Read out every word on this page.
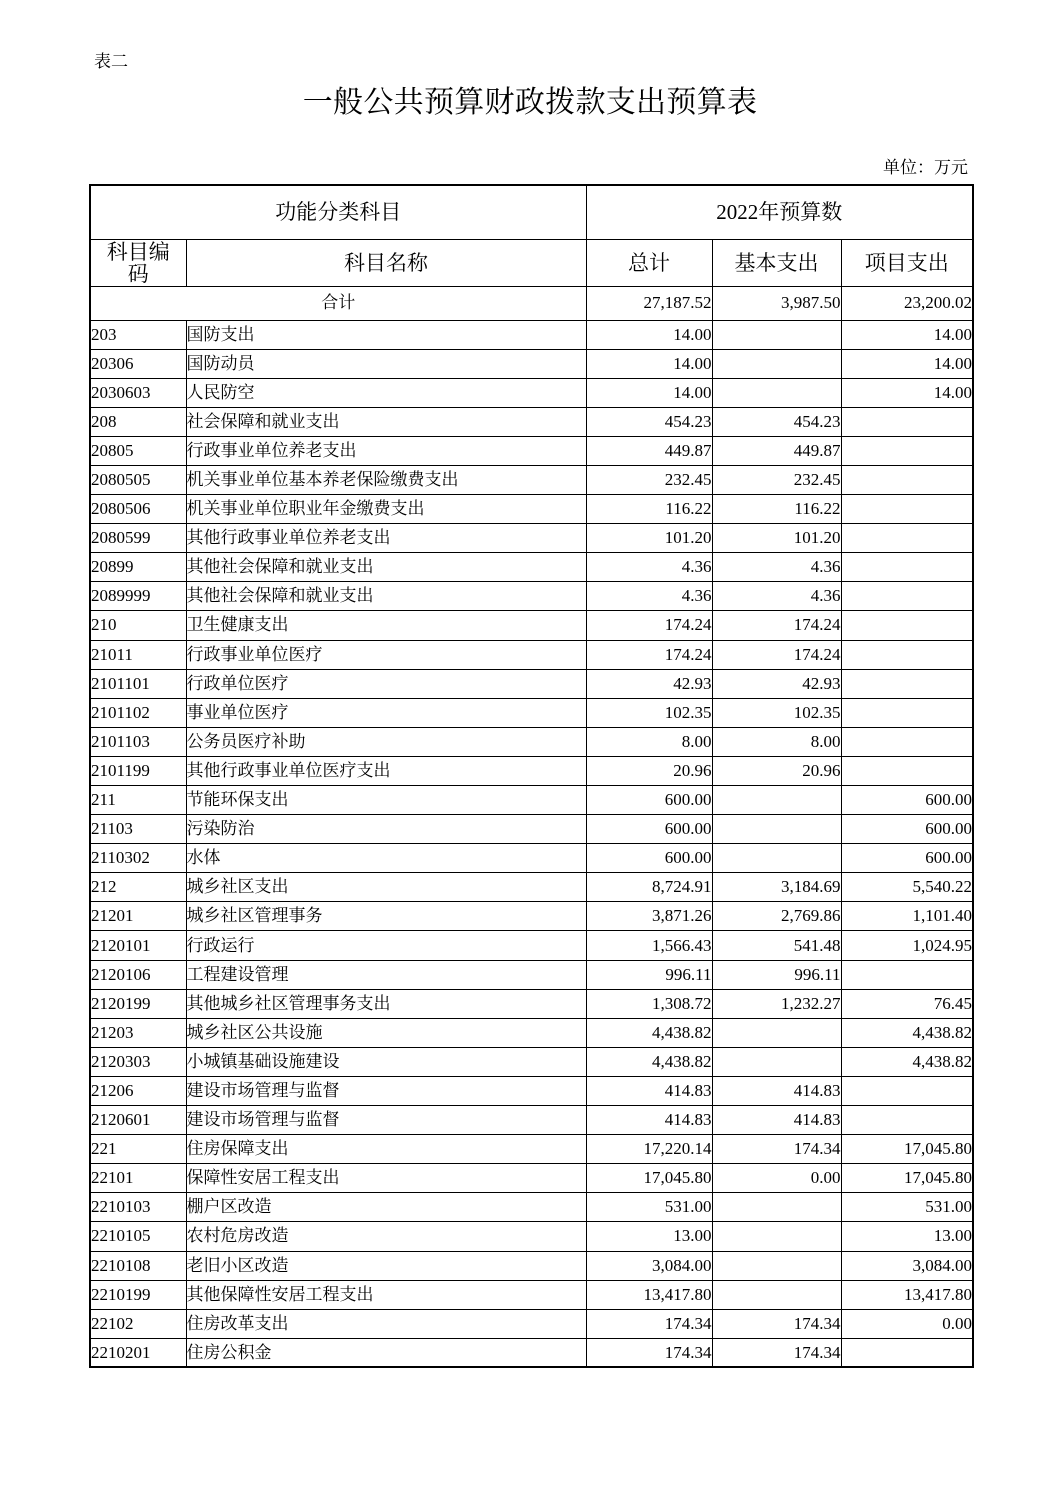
表二
一般公共预算财政拨款支出预算表
单位：万元
功能分类科目		2022年预算数		
科目编码	科目名称	总计	基本支出	项目支出
合计		27,187.52	3,987.50	23,200.02
203	国防支出	14.00		14.00
20306	国防动员	14.00		14.00
2030603	人民防空	14.00		14.00
208	社会保障和就业支出	454.23	454.23	
20805	行政事业单位养老支出	449.87	449.87	
2080505	机关事业单位基本养老保险缴费支出	232.45	232.45	
2080506	机关事业单位职业年金缴费支出	116.22	116.22	
2080599	其他行政事业单位养老支出	101.20	101.20	
20899	其他社会保障和就业支出	4.36	4.36	
2089999	其他社会保障和就业支出	4.36	4.36	
210	卫生健康支出	174.24	174.24	
21011	行政事业单位医疗	174.24	174.24	
2101101	行政单位医疗	42.93	42.93	
2101102	事业单位医疗	102.35	102.35	
2101103	公务员医疗补助	8.00	8.00	
2101199	其他行政事业单位医疗支出	20.96	20.96	
211	节能环保支出	600.00		600.00
21103	污染防治	600.00		600.00
2110302	水体	600.00		600.00
212	城乡社区支出	8,724.91	3,184.69	5,540.22
21201	城乡社区管理事务	3,871.26	2,769.86	1,101.40
2120101	行政运行	1,566.43	541.48	1,024.95
2120106	工程建设管理	996.11	996.11	
2120199	其他城乡社区管理事务支出	1,308.72	1,232.27	76.45
21203	城乡社区公共设施	4,438.82		4,438.82
2120303	小城镇基础设施建设	4,438.82		4,438.82
21206	建设市场管理与监督	414.83	414.83	
2120601	建设市场管理与监督	414.83	414.83	
221	住房保障支出	17,220.14	174.34	17,045.80
22101	保障性安居工程支出	17,045.80	0.00	17,045.80
2210103	棚户区改造	531.00		531.00
2210105	农村危房改造	13.00		13.00
2210108	老旧小区改造	3,084.00		3,084.00
2210199	其他保障性安居工程支出	13,417.80		13,417.80
22102	住房改革支出	174.34	174.34	0.00
2210201	住房公积金	174.34	174.34	
